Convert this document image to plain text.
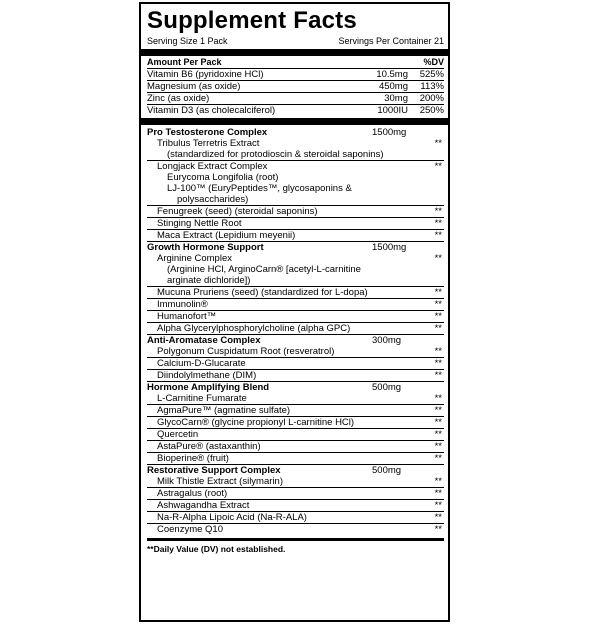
Supplement Facts
Serving Size 1 Pack	Servings Per Container 21
Amount Per Pack	%DV
Vitamin B6 (pyridoxine HCl)	10.5mg	525%
Magnesium (as oxide)	450mg	113%
Zinc (as oxide)	30mg	200%
Vitamin D3 (as cholecalciferol)	1000IU	250%
Pro Testosterone Complex	1500mg
Tribulus Terretris Extract	**
(standardized for protodioscin & steroidal saponins)
Longjack Extract Complex	**
Eurycoma Longifolia (root)
LJ-100™ (EuryPeptides™, glycosaponins &
polysaccharides)
Fenugreek (seed) (steroidal saponins)	**
Stinging Nettle Root	**
Maca Extract (Lepidium meyenii)	**
Growth Hormone Support	1500mg
Arginine Complex	**
(Arginine HCl, ArginoCarn® [acetyl-L-carnitine
arginate dichloride])
Mucuna Pruriens (seed) (standardized for L-dopa)	**
Immunolin®	**
Humanofort™	**
Alpha Glycerylphosphorylcholine (alpha GPC)	**
Anti-Aromatase Complex	300mg
Polygonum Cuspidatum Root (resveratrol)	**
Calcium-D-Glucarate	**
Diindolylmethane (DIM)	**
Hormone Amplifying Blend	500mg
L-Carnitine Fumarate	**
AgmaPure™ (agmatine sulfate)	**
GlycoCarn® (glycine propionyl L-carnitine HCl)	**
Quercetin	**
AstaPure® (astaxanthin)	**
Bioperine® (fruit)	**
Restorative Support Complex	500mg
Milk Thistle Extract (silymarin)	**
Astragalus (root)	**
Ashwagandha Extract	**
Na-R-Alpha Lipoic Acid (Na-R-ALA)	**
Coenzyme Q10	**
**Daily Value (DV) not established.
